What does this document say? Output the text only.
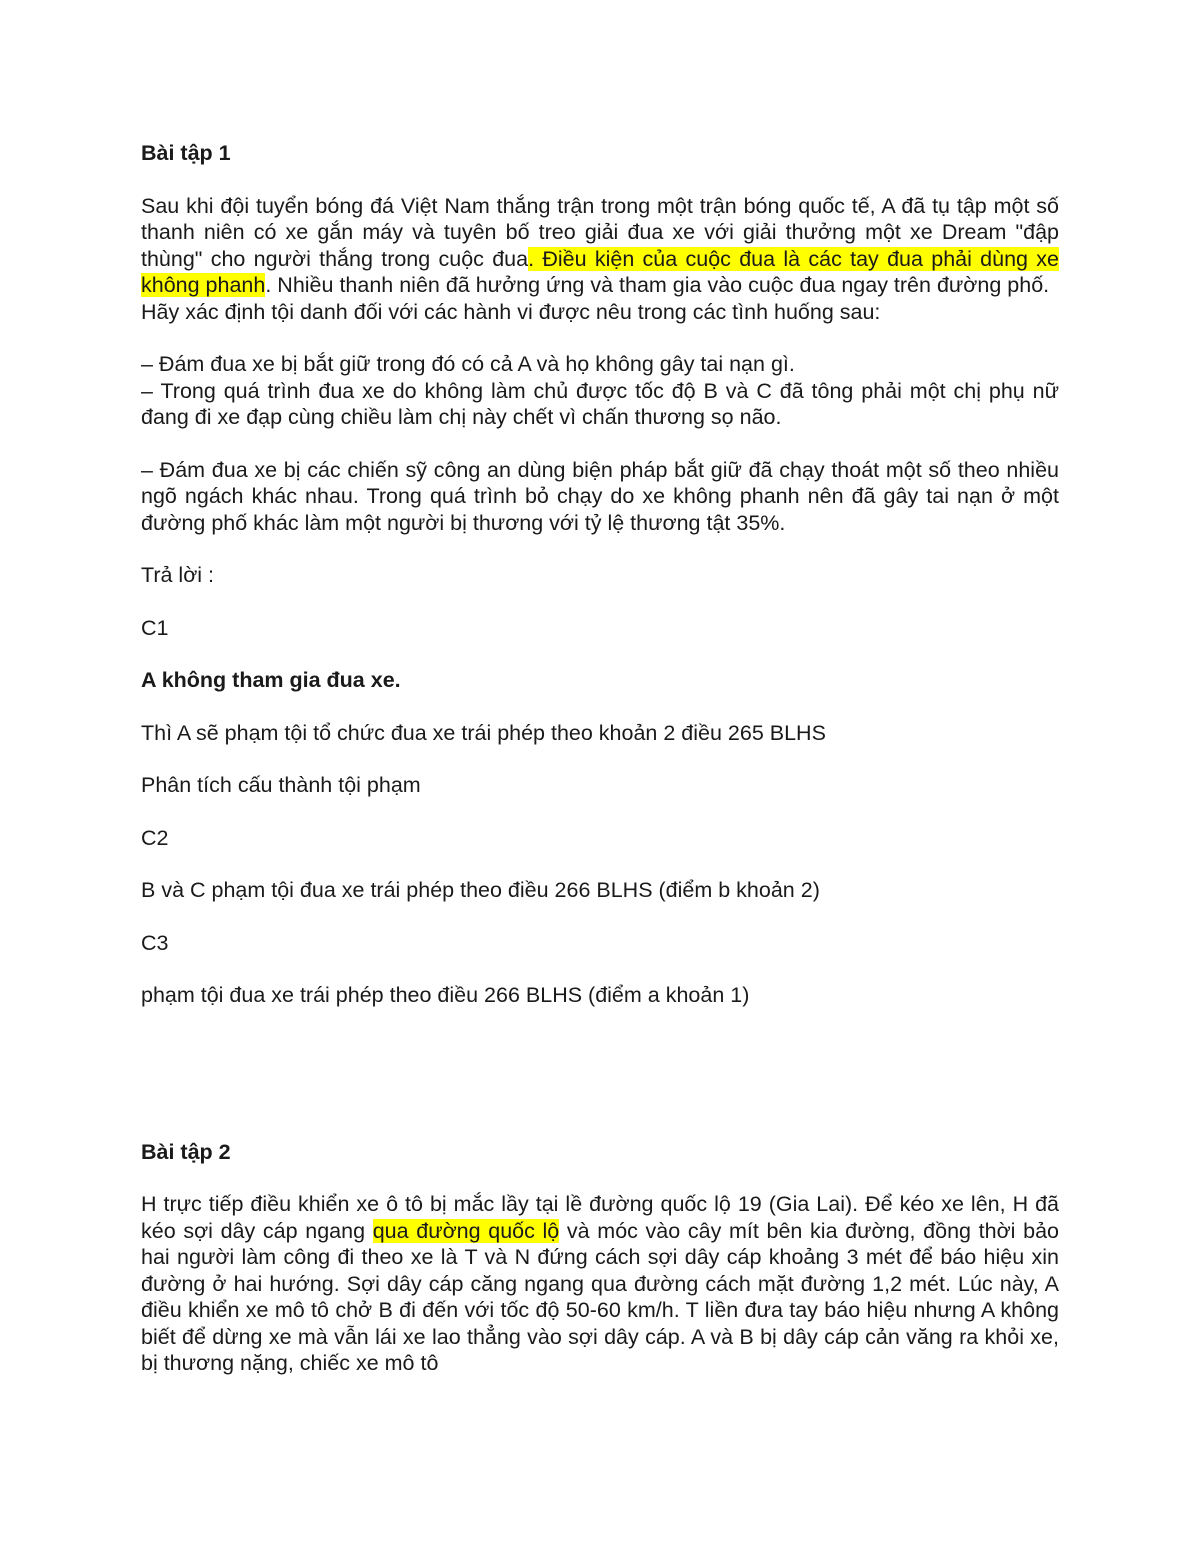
Bài tập 1
Sau khi đội tuyển bóng đá Việt Nam thắng trận trong một trận bóng quốc tế, A đã tụ tập một số thanh niên có xe gắn máy và tuyên bố treo giải đua xe với giải thưởng một xe Dream "đập thùng" cho người thắng trong cuộc đua. Điều kiện của cuộc đua là các tay đua phải dùng xe không phanh. Nhiều thanh niên đã hưởng ứng và tham gia vào cuộc đua ngay trên đường phố.
Hãy xác định tội danh đối với các hành vi được nêu trong các tình huống sau:
– Đám đua xe bị bắt giữ trong đó có cả A và họ không gây tai nạn gì.
– Trong quá trình đua xe do không làm chủ được tốc độ B và C đã tông phải một chị phụ nữ đang đi xe đạp cùng chiều làm chị này chết vì chấn thương sọ não.
– Đám đua xe bị các chiến sỹ công an dùng biện pháp bắt giữ đã chạy thoát một số theo nhiều ngõ ngách khác nhau. Trong quá trình bỏ chạy do xe không phanh nên đã gây tai nạn ở một đường phố khác làm một người bị thương với tỷ lệ thương tật 35%.
Trả lời :
C1
A không tham gia đua xe.
Thì A sẽ phạm tội tổ chức đua xe trái phép theo khoản 2 điều 265 BLHS
Phân tích cấu thành tội phạm
C2
B và C phạm tội đua xe trái phép theo điều 266 BLHS (điểm b khoản 2)
C3
phạm tội đua xe trái phép theo điều 266 BLHS (điểm a khoản 1)
Bài tập 2
H trực tiếp điều khiển xe ô tô bị mắc lầy tại lề đường quốc lộ 19 (Gia Lai). Để kéo xe lên, H đã kéo sợi dây cáp ngang qua đường quốc lộ và móc vào cây mít bên kia đường, đồng thời bảo hai người làm công đi theo xe là T và N đứng cách sợi dây cáp khoảng 3 mét để báo hiệu xin đường ở hai hướng. Sợi dây cáp căng ngang qua đường cách mặt đường 1,2 mét. Lúc này, A điều khiển xe mô tô chở B đi đến với tốc độ 50-60 km/h. T liền đưa tay báo hiệu nhưng A không biết để dừng xe mà vẫn lái xe lao thẳng vào sợi dây cáp. A và B bị dây cáp cản văng ra khỏi xe, bị thương nặng, chiếc xe mô tô
